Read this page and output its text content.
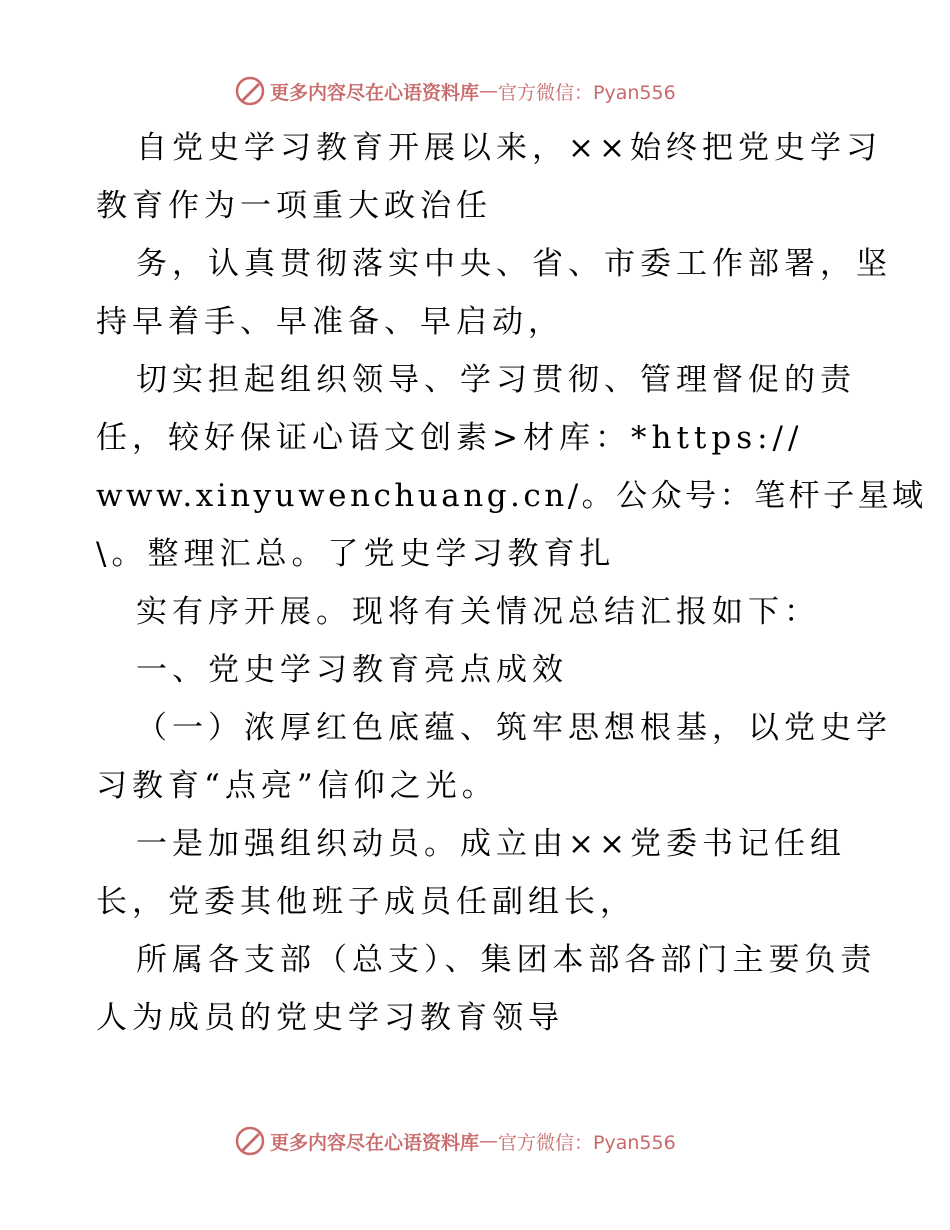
更多内容尽在心语资料库 — 官方微信：Pyan556
自党史学习教育开展以来，××始终把党史学习
教育作为一项重大政治任
务，认真贯彻落实中央、省、市委工作部署，坚
持早着手、早准备、早启动，
切实担起组织领导、学习贯彻、管理督促的责
任，较好保证心语文创素>材库：*https://
www.xinyuwenchuang.cn/。公众号：笔杆子星域
\。整理汇总。了党史学习教育扎
实有序开展。现将有关情况总结汇报如下：
一、党史学习教育亮点成效
（一）浓厚红色底蕴、筑牢思想根基，以党史学
习教育“点亮”信仰之光。
一是加强组织动员。成立由××党委书记任组
长，党委其他班子成员任副组长，
所属各支部（总支）、集团本部各部门主要负责
人为成员的党史学习教育领导
更多内容尽在心语资料库 — 官方微信：Pyan556
